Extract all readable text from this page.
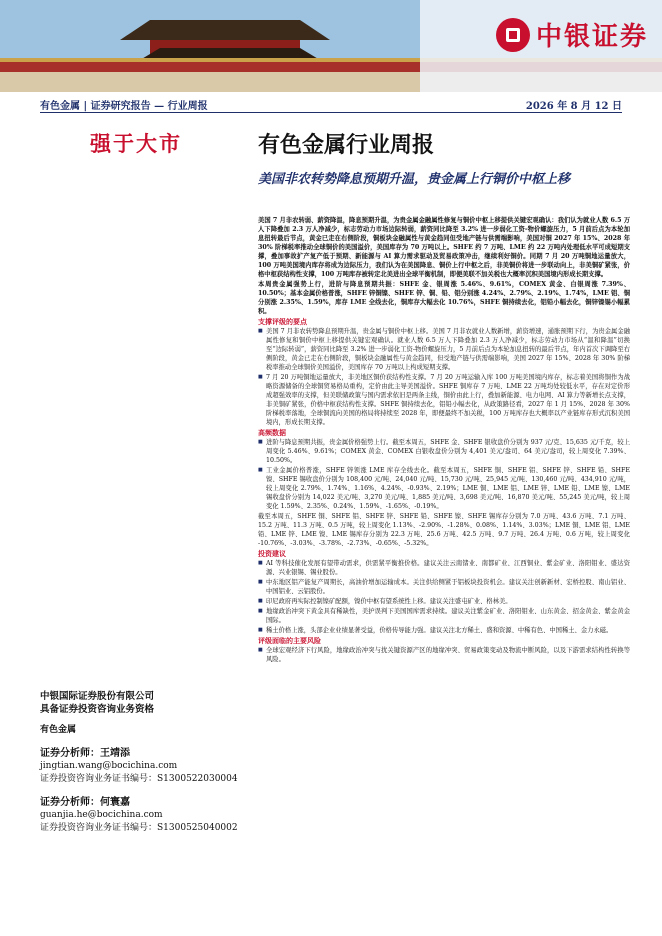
中银证券
有色金属 | 证券研究报告 — 行业周报	2026 年 8 月 12 日
强于大市	有色金属行业周报
美国非农转势降息预期升温，贵金属上行铜价中枢上移

美国 7 月非农转弱、薪资降温，降息预期升温，为贵金属金融属性修复与铜价中枢上移提供关键宏观确认：我们认为就业人数 6.5 万人下降叠加 2.3 万人净减少，标志劳动力市场边际转弱，薪资同比降至 3.2% 进一步弱化工资-物价螺旋压力，5 月前后点为本轮加息扭转最后节点，黄金已走在右侧阶段，铜板块金融属性与黄金趋同但受地产链与供需端影响，美国对铜 2027 年 15%、2028 年 30% 阶梯税率推动全球铜价的美国溢价，美国库存为 70 万吨以上。SHFE 约 7 万吨、LME 约 22 万吨内处理低水平可成短期支撑，叠加事故扩产复产低于预期、新能源与 AI 算力需求驱动及贸易政策冲击，继续利好铜价。同期 7 月 20 万吨铜地运量放大，100 万吨美国境内库存将成为边际压力，我们认为在美国降息、铜价上行中枢之后，非美铜价将进一步联动向上，非美铜矿紧张，价格中枢获结构性支撑，100 万吨库存被转定北美进出全球平衡机制，即便美联不加关税也大概率沉积美国境内形成长期支撑。

本周贵金属强势上行，进阶与降息预期共振：SHFE 金、银周涨 5.46%、9.61%，COMEX 黄金、白银周涨 7.39%、10.50%；基本金属价格普涨，SHFE 锌铜镍、SHFE 锌、铜、铅、铝分别涨 4.24%、2.79%、2.19%、1.74%，LME 铝、铜分别涨 2.35%、1.59%，库存 LME 全线去化，铜库存大幅去化 10.76%，SHFE 铜持续去化，铝铅小幅去化，铜锌镍锡小幅累积。

支撑评级的要点
■ 美国 7 月非农转势降息预期升温，贵金属与铜价中枢上移。美国 7 月非农就业人数新增，薪资增速，通胀预期下行，为贵金属金融属性修复和铜价中枢上移提供关键宏观确认。就业人数 6.5 万人下降叠加 2.3 万人净减少，标志劳动力市场从“温和降温”切换至“边际转弱”，薪资同比降至 3.2% 进一步弱化工资-物价螺旋压力，5 月前后点为本轮加息扭转的最后节点，年内首次下调降至右侧阶段，黄金已走在右侧阶段，铜板块金融属性与黄金趋同，但受地产链与供需端影响，美国 2027 年 15%、2028 年 30% 阶梯税率推动全球铜价美国溢价，美国库存 70 万吨以上构成短期支撑。
■ 7 月 20 万吨铜地运量放大，非美地区铜价获结构性支撑。7 月 20 万吨运输入库 100 万吨美国境内库存，标志着美国将铜作为战略资源储备的全球铜贸易格局重构，定价由此主导美国溢价。SHFE 铜库存 7 万吨、LME 22 万吨均处较低水平，存在对定价形成超强效率的支撑，但美联储政策与国内需求依旧是两条主线，铜价由此上行，叠加新能源、电力电网、AI 算力等新增长点支撑，非美铜矿紧张，价格中枢获结构性支撑。SHFE 铜持续去化，铝铅小幅去化，从政策路径看，2027 年 1 月 15%、2028 年 30% 阶梯税率落地，全球铜流向美国的格局将持续至 2028 年，即便最终不加关税，100 万吨库存也大概率以产业链库存形式沉积美国境内，形成长期支撑。
高频数据
■ 进阶与降息预期共振，贵金属价格强势上行。截至本周五，SHFE 金、SHFE 银收盘价分别为 937 元/克、15,635 元/千克，较上周变化 5.46%、9.61%；COMEX 黄金、COMEX 白银收盘价分别为 4,401 美元/盎司、64 美元/盎司，较上周变化 7.39%、10.50%。
■ 工业金属价格普涨，SHFE 锌领涨 LME 库存全线去化。截至本周五，SHFE 铜、SHFE 铝、SHFE 锌、SHFE 铅、SHFE 镍、SHFE 锡收盘价分别为 108,400 元/吨、24,040 元/吨、15,730 元/吨、25,945 元/吨、130,460 元/吨、434,910 元/吨，较上周变化 2.79%、1.74%、1.16%、4.24%、-0.93%、2.19%；LME 铜、LME 铝、LME 锌、LME 铅、LME 镍、LME 锡收盘价分别为 14,022 美元/吨、3,270 美元/吨、1,885 美元/吨、3,698 美元/吨、16,870 美元/吨、55,245 美元/吨，较上周变化 1.59%、2.35%、0.24%、1.59%、-1.65%、-0.19%。

截至本周五，SHFE 铜、SHFE 铝、SHFE 锌、SHFE 铅、SHFE 镍、SHFE 锡库存分别为 7.0 万吨、43.6 万吨、7.1 万吨、15.2 万吨、11.3 万吨、0.5 万吨，较上周变化 1.13%、-2.90%、-1.28%、0.08%、1.14%、3.03%；LME 铜、LME 铝、LME 铅、LME 锌、LME 镍、LME 锡库存分别为 22.3 万吨、25.6 万吨、42.5 万吨、9.7 万吨、26.4 万吨、0.6 万吨，较上周变化 -10.76%、-3.03%、-3.78%、-2.73%、-0.65%、-5.32%。

投资建议
■ AI 等科技催化发展有望带动需求，供需紧平衡推价格。建议关注云南锗业、南都矿业、江西铜业、紫金矿业、洛阳钼业、盛达资源、兴业银锡、锡业股份。
■ 中东地区铝产能复产周期长，高油价增加运输成本。关注供给侧紧于铝板块投资机会。建议关注创新新材、宏桥控股、南山铝业、中国铝业、云铝股份。
■ 印尼政府再实际控制镍矿配额，镍价中枢有望系统性上移。建议关注盛屯矿业、格林美。
■ 地缘政治冲突下黄金具有稀缺性，美护误判下美国国库需求持续。建议关注紫金矿业、洛阳钼业、山东黄金、招金黄金、紫金黄金国际。
■ 稀土价格上涨，头部企业业绩显著受益，价格传导能力强。建议关注北方稀土、盛和资源、中稀有色、中国稀土、金力永磁。
评级面临的主要风险
■ 全球宏观经济下行风险，地缘政治冲突与扰关键资源产区的地缘冲突、贸易政策变动及物流中断风险，以及下游需求结构性转换等风险。
中银国际证券股份有限公司
具备证券投资咨询业务资格
有色金属
证券分析师：王靖添
jingtian.wang@bocichina.com
证券投资咨询业务证书编号：S1300522030004
证券分析师：何寰嘉
guanjia.he@bocichina.com
证券投资咨询业务证书编号：S1300525040002
